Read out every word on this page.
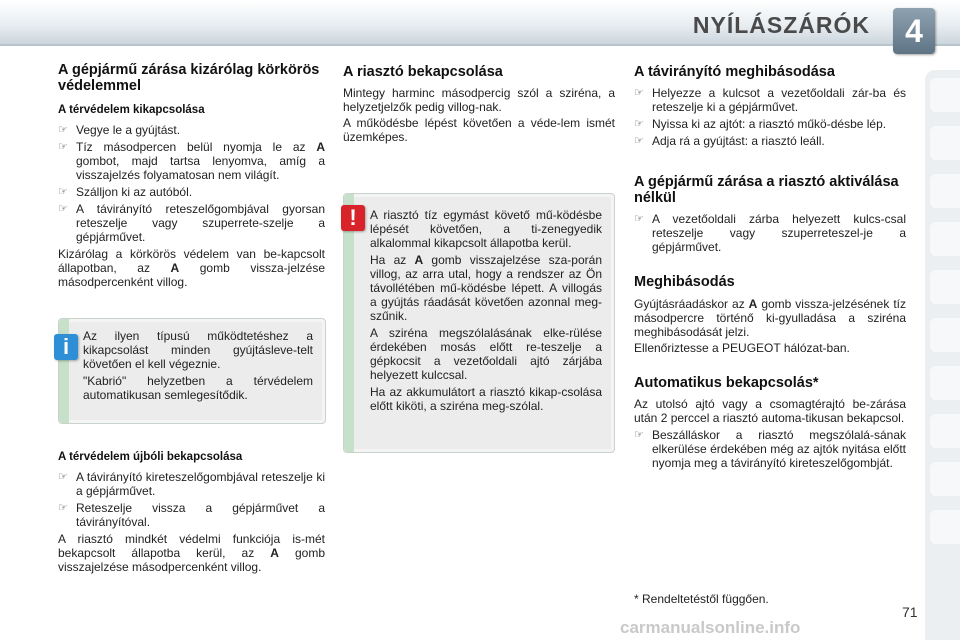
NYÍLÁSZÁRÓK	4
A gépjármű zárása kizárólag körkörös védelemmel
A térvédelem kikapcsolása
☞ Vegye le a gyújtást.
☞ Tíz másodpercen belül nyomja le az A gombot, majd tartsa lenyomva, amíg a visszajelzés folyamatosan nem világít.
☞ Szálljon ki az autóból.
☞ A távirányító reteszelőgombjával gyorsan reteszelje vagy szuperrete-szelje a gépjárművet.

Kizárólag a körkörös védelem van be-kapcsolt állapotban, az A gomb vissza-jelzése másodpercenként villog.

Az ilyen típusú működtetéshez a kikapcsolást minden gyújtásleve-telt követően el kell végeznie.

"Kabrió" helyzetben a térvédelem automatikusan semlegesítődik.

i
A térvédelem újbóli bekapcsolása
☞ A távirányító kireteszelőgombjával reteszelje ki a gépjárművet.
☞ Reteszelje vissza a gépjárművet a távirányítóval.

A riasztó mindkét védelmi funkciója is-mét bekapcsolt állapotba kerül, az A gomb visszajelzése másodpercenként villog.

A riasztó bekapcsolása

Mintegy harminc másodpercig szól a sziréna, a helyzetjelzők pedig villog-nak.

A működésbe lépést követően a véde-lem ismét üzemképes.

A riasztó tíz egymást követő mű-ködésbe lépését követően, a ti-zenegyedik alkalommal kikapcsolt állapotba kerül.

Ha az A gomb visszajelzése sza-porán villog, az arra utal, hogy a rendszer az Ön távollétében mű-ködésbe lépett. A villogás a gyújtás ráadását követően azonnal meg-szűnik.

A sziréna megszólalásának elke-rülése érdekében mosás előtt re-teszelje a gépkocsit a vezetőoldali ajtó zárjába helyezett kulccsal.

Ha az akkumulátort a riasztó kikap-csolása előtt kiköti, a sziréna meg-szólal.

!
A távirányító meghibásodása
☞ Helyezze a kulcsot a vezetőoldali zár-ba és reteszelje ki a gépjárművet.
☞ Nyissa ki az ajtót: a riasztó műkö-désbe lép.
☞ Adja rá a gyújtást: a riasztó leáll.
A gépjármű zárása a riasztó aktiválása nélkül
☞ A vezetőoldali zárba helyezett kulcs-csal reteszelje vagy szuperreteszel-je a gépjárművet.
Meghibásodás

Gyújtásráadáskor az A gomb vissza-jelzésének tíz másodpercre történő ki-gyulladása a sziréna meghibásodását jelzi.

Ellenőriztesse a PEUGEOT hálózat-ban.

Automatikus bekapcsolás*

Az utolsó ajtó vagy a csomagtérajtó be-zárása után 2 perccel a riasztó automa-tikusan bekapcsol.

☞ Beszálláskor a riasztó megszólalá-sának elkerülése érdekében még az ajtók nyitása előtt nyomja meg a távirányító kireteszelőgombját.
* Rendeltetéstől függően.
71
carmanualsonline.info
